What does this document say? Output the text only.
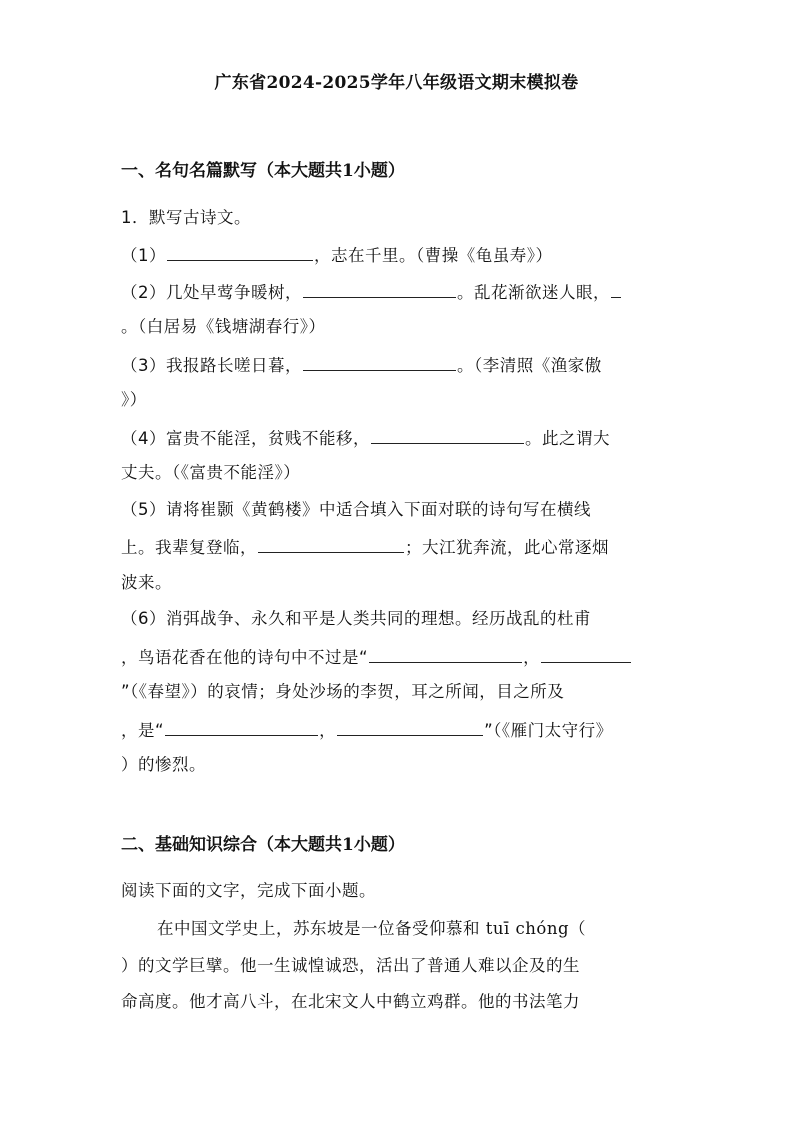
广东省2024-2025学年八年级语文期末模拟卷
一、名句名篇默写（本大题共1小题）
1．默写古诗文。
（1）	，志在千里。（曹操《龟虽寿》）
（2）几处早莺争暖树，	。乱花渐欲迷人眼，
。（白居易《钱塘湖春行》）
（3）我报路长嗟日暮，	。（李清照《渔家傲
》）
（4）富贵不能淫，贫贱不能移，	。此之谓大
丈夫。（《富贵不能淫》）
（5）请将崔颢《黄鹤楼》中适合填入下面对联的诗句写在横线
上。我辈复登临，	；大江犹奔流，此心常逐烟
波来。
（6）消弭战争、永久和平是人类共同的理想。经历战乱的杜甫
，鸟语花香在他的诗句中不过是“	，
”（《春望》）的哀情；身处沙场的李贺，耳之所闻，目之所及
，是“	，	”（《雁门太守行》
）的惨烈。
二、基础知识综合（本大题共1小题）
阅读下面的文字，完成下面小题。
在中国文学史上，苏东坡是一位备受仰慕和 tuī chóng（
）的文学巨擘。他一生诚惶诚恐，活出了普通人难以企及的生
命高度。他才高八斗，在北宋文人中鹤立鸡群。他的书法笔力
